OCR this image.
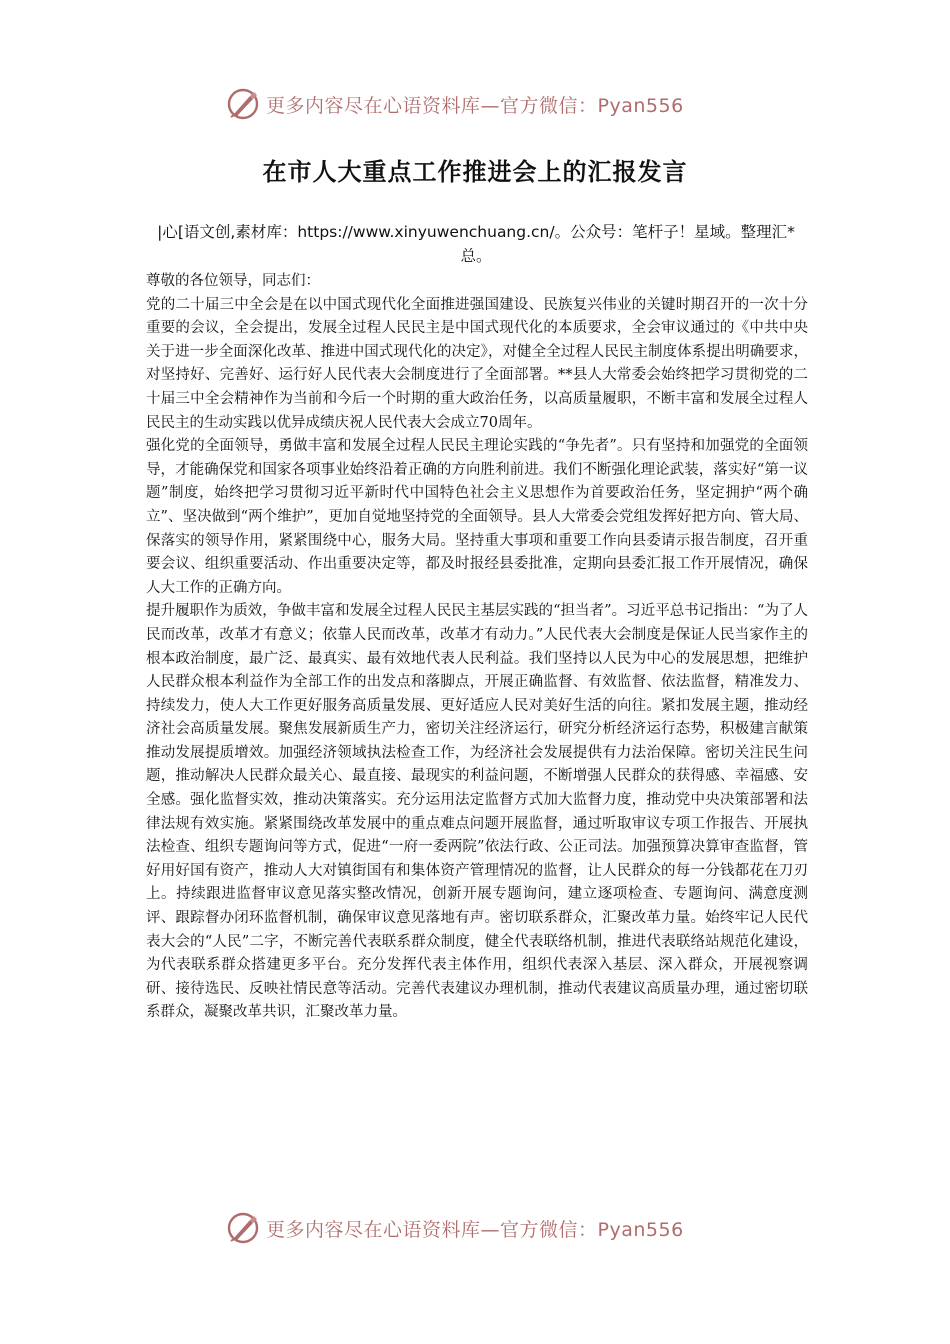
更多内容尽在心语资料库—官方微信：Pyan556
在市人大重点工作推进会上的汇报发言
|心[语文创,素材库：https://www.xinyuwenchuang.cn/。公众号：笔杆子！星域。整理汇*总。

尊敬的各位领导，同志们：

党的二十届三中全会是在以中国式现代化全面推进强国建设、民族复兴伟业的关键时期召开的一次十分重要的会议，全会提出，发展全过程人民民主是中国式现代化的本质要求，全会审议通过的《中共中央关于进一步全面深化改革、推进中国式现代化的决定》，对健全全过程人民民主制度体系提出明确要求，对坚持好、完善好、运行好人民代表大会制度进行了全面部署。**县人大常委会始终把学习贯彻党的二十届三中全会精神作为当前和今后一个时期的重大政治任务，以高质量履职，不断丰富和发展全过程人民民主的生动实践以优异成绩庆祝人民代表大会成立70周年。

强化党的全面领导，勇做丰富和发展全过程人民民主理论实践的“争先者”。只有坚持和加强党的全面领导，才能确保党和国家各项事业始终沿着正确的方向胜利前进。我们不断强化理论武装，落实好“第一议题”制度，始终把学习贯彻习近平新时代中国特色社会主义思想作为首要政治任务，坚定拥护“两个确立”、坚决做到“两个维护”，更加自觉地坚持党的全面领导。县人大常委会党组发挥好把方向、管大局、保落实的领导作用，紧紧围绕中心，服务大局。坚持重大事项和重要工作向县委请示报告制度，召开重要会议、组织重要活动、作出重要决定等，都及时报经县委批准，定期向县委汇报工作开展情况，确保人大工作的正确方向。

提升履职作为质效，争做丰富和发展全过程人民民主基层实践的“担当者”。习近平总书记指出：“为了人民而改革，改革才有意义；依靠人民而改革，改革才有动力。”人民代表大会制度是保证人民当家作主的根本政治制度，最广泛、最真实、最有效地代表人民利益。我们坚持以人民为中心的发展思想，把维护人民群众根本利益作为全部工作的出发点和落脚点，开展正确监督、有效监督、依法监督，精准发力、持续发力，使人大工作更好服务高质量发展、更好适应人民对美好生活的向往。紧扣发展主题，推动经济社会高质量发展。聚焦发展新质生产力，密切关注经济运行，研究分析经济运行态势，积极建言献策推动发展提质增效。加强经济领域执法检查工作，为经济社会发展提供有力法治保障。密切关注民生问题，推动解决人民群众最关心、最直接、最现实的利益问题，不断增强人民群众的获得感、幸福感、安全感。强化监督实效，推动决策落实。充分运用法定监督方式加大监督力度，推动党中央决策部署和法律法规有效实施。紧紧围绕改革发展中的重点难点问题开展监督，通过听取审议专项工作报告、开展执法检查、组织专题询问等方式，促进“一府一委两院”依法行政、公正司法。加强预算决算审查监督，管好用好国有资产，推动人大对镇街国有和集体资产管理情况的监督，让人民群众的每一分钱都花在刀刃上。持续跟进监督审议意见落实整改情况，创新开展专题询问，建立逐项检查、专题询问、满意度测评、跟踪督办闭环监督机制，确保审议意见落地有声。密切联系群众，汇聚改革力量。始终牢记人民代表大会的“人民”二字，不断完善代表联系群众制度，健全代表联络机制，推进代表联络站规范化建设，为代表联系群众搭建更多平台。充分发挥代表主体作用，组织代表深入基层、深入群众，开展视察调研、接待选民、反映社情民意等活动。完善代表建议办理机制，推动代表建议高质量办理，通过密切联系群众，凝聚改革共识，汇聚改革力量。

更多内容尽在心语资料库—官方微信：Pyan556
